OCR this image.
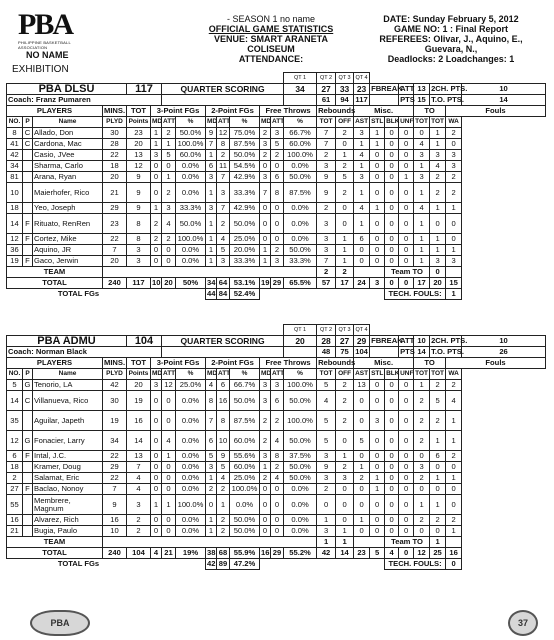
PBA
PHILIPPINE BASKETBALL ASSOCIATION
NO NAME
EXHIBITION
- SEASON 1 no name
OFFICIAL GAME STATISTICS
VENUE: SMART ARANETA
COLISEUM
ATTENDANCE:
DATE: Sunday February 5, 2012
GAME NO: 1 : Final Report
REFEREES: Olivar, J., Aquino, E.,
Guevara, N.,
Deadlocks: 2 Loadchanges: 1
													QT 1	QT 2	QT 3	QT 4							
PBA DLSU				117		QUARTER SCORING							34	27	33	23	FBREAK		ATT	13	2CH. PTS.		10
Coach: Franz Pumaren														61	94	117			PTS	15	T.O. PTS.		14
PLAYERS			MINS.	TOT	3-Point FGs			2-Point FGs			Free Throws			Rebounds		Misc.				TO		Fouls	
NO.	P	Name	PLYD	Points	MD	ATT	%	MD	ATT	%	MD	ATT	%	TOT	OFF	AST	STL	BLK	UNF	TOT	TOT	WA	
8	C	Allado, Don	30	23	1	2	50.0%	9	12	75.0%	2	3	66.7%	7	2	3	1	0	0	0	1	2	
41	C	Cardona, Mac	28	20	1	1	100.0%	7	8	87.5%	3	5	60.0%	7	0	1	1	0	0	4	1	0	
42		Casio, JVee	22	13	3	5	60.0%	1	2	50.0%	2	2	100.0%	2	1	4	0	0	0	3	3	3	
34		Sharma, Carlo	18	12	0	0	0.0%	6	11	54.5%	0	0	0.0%	3	2	1	0	0	0	1	4	3	
81		Arana, Ryan	20	9	0	1	0.0%	3	7	42.9%	3	6	50.0%	9	5	3	0	0	1	3	2	2	
10		Maierhofer, Rico	21	9	0	2	0.0%	1	3	33.3%	7	8	87.5%	9	2	1	0	0	0	1	2	2	
18		Yeo, Joseph	29	9	1	3	33.3%	3	7	42.9%	0	0	0.0%	2	0	4	1	0	0	4	1	1	
14	F	Rituato, RenRen	23	8	2	4	50.0%	1	2	50.0%	0	0	0.0%	3	0	1	0	0	0	1	0	0	
12	F	Cortez, Mike	22	8	2	2	100.0%	1	4	25.0%	0	0	0.0%	3	1	6	0	0	0	1	1	0	
36		Aquino, JR	7	3	0	0	0.0%	1	5	20.0%	1	2	50.0%	3	1	0	0	0	0	1	1	1	
19	F	Gaco, Jerwin	20	3	0	0	0.0%	1	3	33.3%	1	3	33.3%	7	1	0	0	0	0	1	3	3	
TEAM														2	2			Team TO			0		
TOTAL			240	117	10	20	50%	34	64	53.1%	19	29	65.5%	57	17	24	3	0	0	17	20	15	
TOTAL FGs								44	84	52.4%								TECH. FOULS:				1	
													QT 1	QT 2	QT 3	QT 4							
PBA ADMU				104		QUARTER SCORING							20	28	27	29	FBREAK		ATT	10	2CH. PTS.		10
Coach: Norman Black														48	75	104			PTS	14	T.O. PTS.		26
PLAYERS			MINS.	TOT	3-Point FGs			2-Point FGs			Free Throws			Rebounds		Misc.				TO		Fouls	
NO.	P	Name	PLYD	Points	MD	ATT	%	MD	ATT	%	MD	ATT	%	TOT	OFF	AST	STL	BLK	UNF	TOT	TOT	WA	
5	G	Tenorio, LA	42	20	3	12	25.0%	4	6	66.7%	3	3	100.0%	5	2	13	0	0	0	1	2	2	
14	C	Villanueva, Rico	30	19	0	0	0.0%	8	16	50.0%	3	6	50.0%	4	2	0	0	0	0	2	5	4	
35		Aguilar, Japeth	19	16	0	0	0.0%	7	8	87.5%	2	2	100.0%	5	2	0	3	0	0	2	2	1	
12	G	Fonacier, Larry	34	14	0	4	0.0%	6	10	60.0%	2	4	50.0%	5	0	5	0	0	0	2	1	1	
6	F	Intal, J.C.	22	13	0	1	0.0%	5	9	55.6%	3	8	37.5%	3	1	0	0	0	0	0	6	2	
18		Kramer, Doug	29	7	0	0	0.0%	3	5	60.0%	1	2	50.0%	9	2	1	0	0	0	3	0	0	
2		Salamat, Eric	22	4	0	0	0.0%	1	4	25.0%	2	4	50.0%	3	3	2	1	0	0	2	1	1	
27	F	Baclao, Nonoy	7	4	0	0	0.0%	2	2	100.0%	0	0	0.0%	2	0	0	1	0	0	0	0	0	
55		Membrere, Magnum	9	3	1	1	100.0%	0	1	0.0%	0	0	0.0%	0	0	0	0	0	0	1	1	0	
16		Alvarez, Rich	16	2	0	0	0.0%	1	2	50.0%	0	0	0.0%	1	0	1	0	0	0	2	2	2	
21		Bugia, Paulo	10	2	0	0	0.0%	1	2	50.0%	0	0	0.0%	3	1	0	0	0	0	0	0	1	
TEAM														1	1			Team TO			1		
TOTAL			240	104	4	21	19%	38	68	55.9%	16	29	55.2%	42	14	23	5	4	0	12	25	16	
TOTAL FGs								42	89	47.2%								TECH. FOULS:				0	
PBA	37
